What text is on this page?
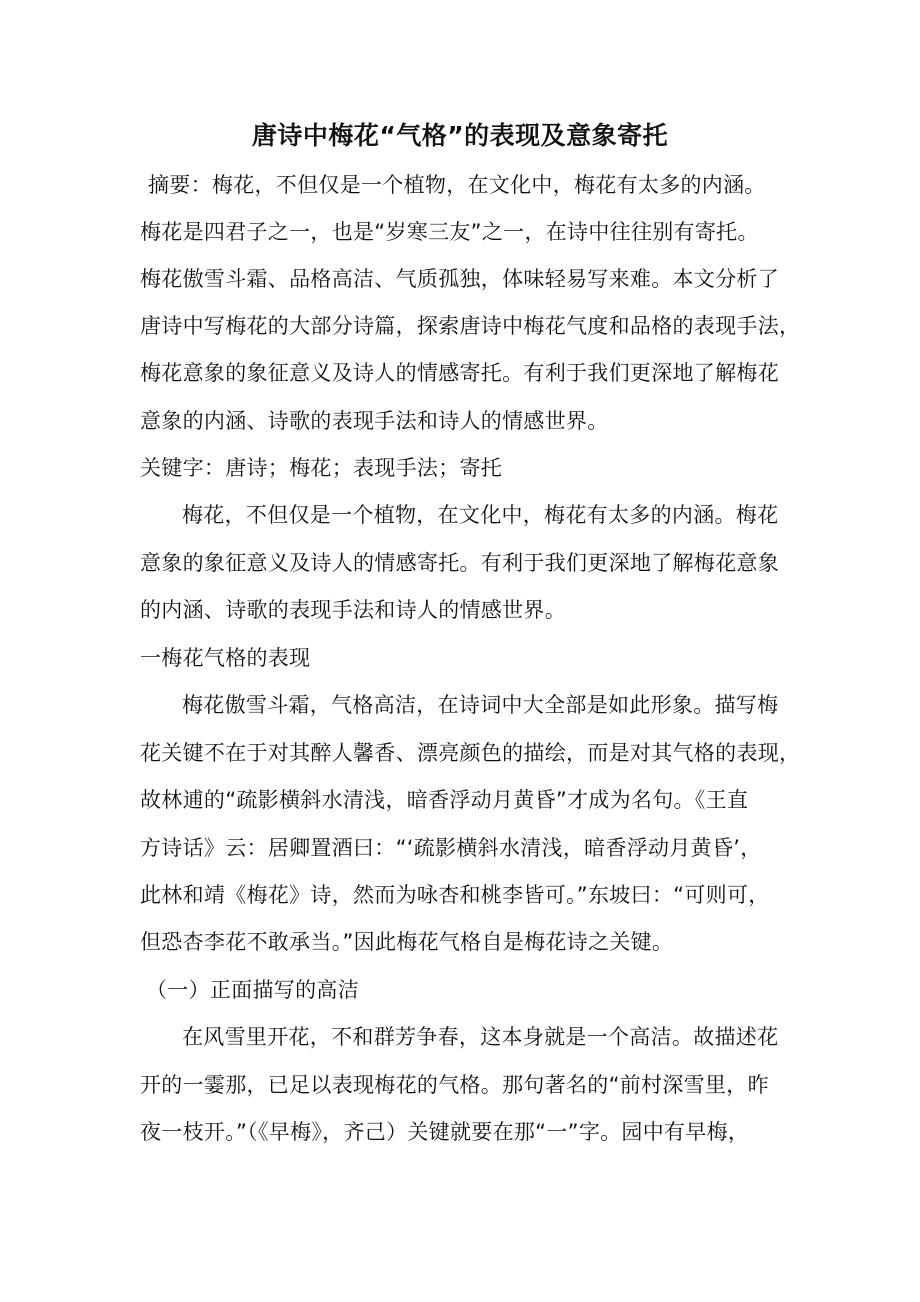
唐诗中梅花“气格”的表现及意象寄托
摘要：梅花，不但仅是一个植物，在文化中，梅花有太多的内涵。
梅花是四君子之一，也是“岁寒三友”之一，在诗中往往别有寄托。
梅花傲雪斗霜、品格高洁、气质孤独，体味轻易写来难。本文分析了
唐诗中写梅花的大部分诗篇，探索唐诗中梅花气度和品格的表现手法，
梅花意象的象征意义及诗人的情感寄托。有利于我们更深地了解梅花
意象的内涵、诗歌的表现手法和诗人的情感世界。
关键字：唐诗；梅花；表现手法；寄托
梅花，不但仅是一个植物，在文化中，梅花有太多的内涵。梅花
意象的象征意义及诗人的情感寄托。有利于我们更深地了解梅花意象
的内涵、诗歌的表现手法和诗人的情感世界。
一梅花气格的表现
梅花傲雪斗霜，气格高洁，在诗词中大全部是如此形象。描写梅
花关键不在于对其醉人馨香、漂亮颜色的描绘，而是对其气格的表现，
故林逋的“疏影横斜水清浅，暗香浮动月黄昏”才成为名句。《王直
方诗话》云：居卿置酒曰：“‘疏影横斜水清浅，暗香浮动月黄昏’，
此林和靖《梅花》诗，然而为咏杏和桃李皆可。”东坡曰：“可则可，
但恐杏李花不敢承当。”因此梅花气格自是梅花诗之关键。
（一）正面描写的高洁
在风雪里开花，不和群芳争春，这本身就是一个高洁。故描述花
开的一霎那，已足以表现梅花的气格。那句著名的“前村深雪里，昨
夜一枝开。”（《早梅》，齐己）关键就要在那“一”字。园中有早梅，
